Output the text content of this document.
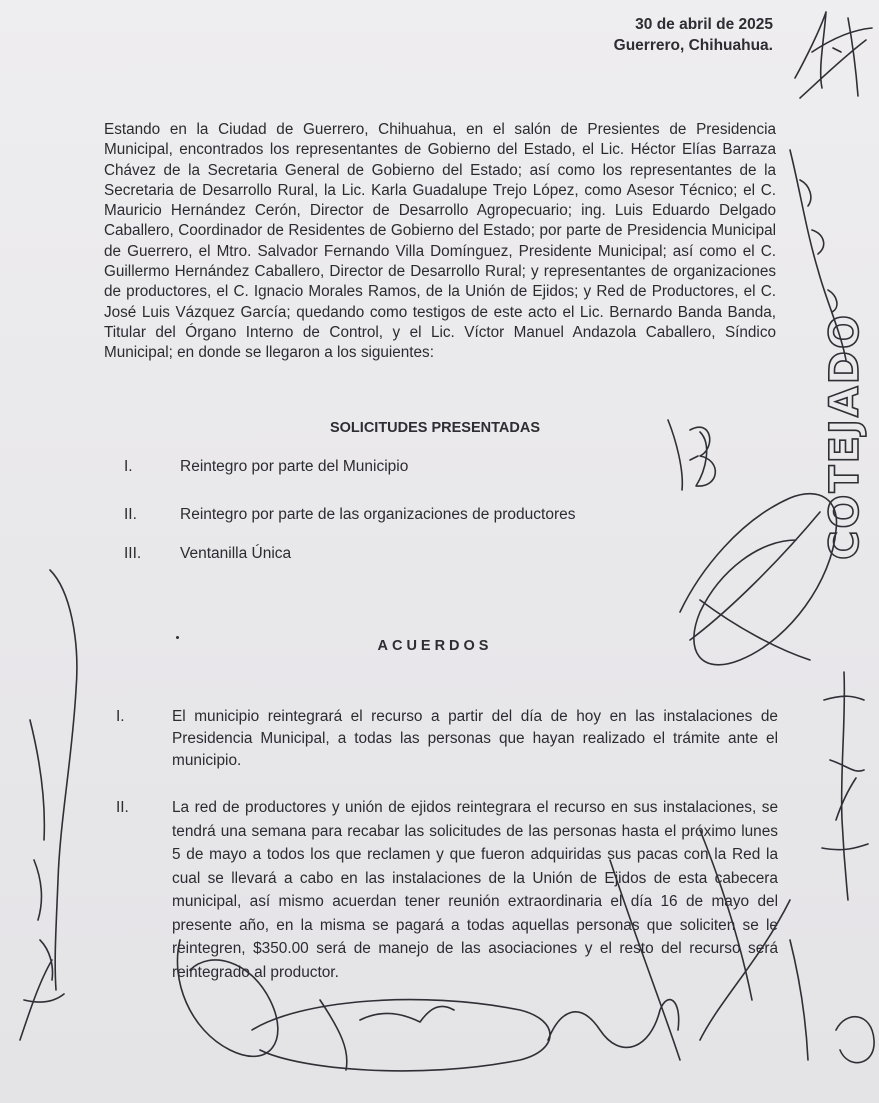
30 de abril de 2025
Guerrero, Chihuahua.

Estando en la Ciudad de Guerrero, Chihuahua, en el salón de Presientes de Presidencia Municipal, encontrados los representantes de Gobierno del Estado, el Lic. Héctor Elías Barraza Chávez de la Secretaria General de Gobierno del Estado; así como los representantes de la Secretaria de Desarrollo Rural, la Lic. Karla Guadalupe Trejo López, como Asesor Técnico; el C. Mauricio Hernández Cerón, Director de Desarrollo Agropecuario; ing. Luis Eduardo Delgado Caballero, Coordinador de Residentes de Gobierno del Estado; por parte de Presidencia Municipal de Guerrero, el Mtro. Salvador Fernando Villa Domínguez, Presidente Municipal; así como el C. Guillermo Hernández Caballero, Director de Desarrollo Rural; y representantes de organizaciones de productores, el C. Ignacio Morales Ramos, de la Unión de Ejidos; y Red de Productores, el C. José Luis Vázquez García; quedando como testigos de este acto el Lic. Bernardo Banda Banda, Titular del Órgano Interno de Control, y el Lic. Víctor Manuel Andazola Caballero, Síndico Municipal; en donde se llegaron a los siguientes:

SOLICITUDES PRESENTADAS
I.	Reintegro por parte del Municipio
II.	Reintegro por parte de las organizaciones de productores
III.	Ventanilla Única
ACUERDOS
I.	El municipio reintegrará el recurso a partir del día de hoy en las instalaciones de Presidencia Municipal, a todas las personas que hayan realizado el trámite ante el municipio.
II.	La red de productores y unión de ejidos reintegrara el recurso en sus instalaciones, se tendrá una semana para recabar las solicitudes de las personas hasta el próximo lunes 5 de mayo a todos los que reclamen y que fueron adquiridas sus pacas con la Red la cual se llevará a cabo en las instalaciones de la Unión de Ejidos de esta cabecera municipal, así mismo acuerdan tener reunión extraordinaria el día 16 de mayo del presente año, en la misma se pagará a todas aquellas personas que soliciten se le reintegren, $350.00 será de manejo de las asociaciones y el resto del recurso será reintegrado al productor.
COTEJADO
